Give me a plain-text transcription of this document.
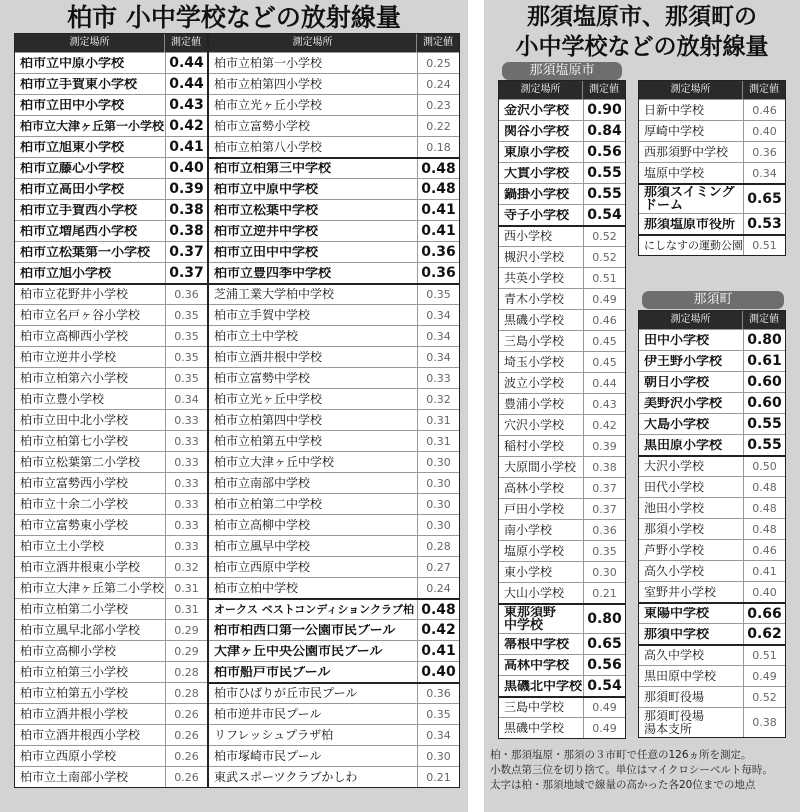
柏市 小中学校などの放射線量
測定場所	測定値
柏市立中原小学校	0.44
柏市立手賀東小学校	0.44
柏市立田中小学校	0.43
柏市立大津ヶ丘第一小学校 0.42
柏市立旭東小学校	0.41
柏市立藤心小学校	0.40
柏市立高田小学校	0.39
柏市立手賀西小学校	0.38
柏市立増尾西小学校	0.38
柏市立松葉第一小学校	0.37
柏市立旭小学校	0.37
柏市立花野井小学校	0.36
柏市立名戸ヶ谷小学校	0.35
柏市立高柳西小学校	0.35
柏市立逆井小学校	0.35
柏市立柏第六小学校	0.35
柏市立豊小学校	0.34
柏市立田中北小学校	0.33
柏市立柏第七小学校	0.33
柏市立松葉第二小学校	0.33
柏市立富勢西小学校	0.33
柏市立十余二小学校	0.33
柏市立富勢東小学校	0.33
柏市立土小学校	0.33
柏市立酒井根東小学校	0.32
柏市立大津ヶ丘第二小学校 0.31
柏市立柏第二小学校	0.31
柏市立風早北部小学校	0.29
柏市立高柳小学校	0.29
柏市立柏第三小学校	0.28
柏市立柏第五小学校	0.28
柏市立酒井根小学校	0.26
柏市立酒井根西小学校	0.26
柏市立西原小学校	0.26
柏市立土南部小学校	0.26
測定場所	測定値
柏市立柏第一小学校	0.25
柏市立柏第四小学校	0.24
柏市立光ヶ丘小学校	0.23
柏市立富勢小学校	0.22
柏市立柏第八小学校	0.18
柏市立柏第三中学校	0.48
柏市立中原中学校	0.48
柏市立松葉中学校	0.41
柏市立逆井中学校	0.41
柏市立田中中学校	0.36
柏市立豊四季中学校	0.36
芝浦工業大学柏中学校	0.35
柏市立手賀中学校	0.34
柏市立土中学校	0.34
柏市立酒井根中学校	0.34
柏市立富勢中学校	0.33
柏市立光ヶ丘中学校	0.32
柏市立柏第四中学校	0.31
柏市立柏第五中学校	0.31
柏市立大津ヶ丘中学校	0.30
柏市立南部中学校	0.30
柏市立柏第二中学校	0.30
柏市立高柳中学校	0.30
柏市立風早中学校	0.28
柏市立西原中学校	0.27
柏市立柏中学校	0.24
オークス ベストコンディションクラブ柏 0.48
柏市柏西口第一公園市民プール	0.42
大津ヶ丘中央公園市民プール	0.41
柏市船戸市民プール	0.40
柏市ひばりが丘市民プール	0.36
柏市逆井市民プール	0.35
リフレッシュプラザ柏	0.34
柏市塚崎市民プール	0.30
東武スポーツクラブかしわ	0.21
那須塩原市、那須町の
小中学校などの放射線量
那須塩原市
測定場所	測定値
金沢小学校	0.90
関谷小学校	0.84
東原小学校	0.56
大貫小学校	0.55
鍋掛小学校	0.55
寺子小学校	0.54
西小学校	0.52
槻沢小学校	0.52
共英小学校	0.51
青木小学校	0.49
黒磯小学校	0.46
三島小学校	0.45
埼玉小学校	0.45
波立小学校	0.44
豊浦小学校	0.43
穴沢小学校	0.42
稲村小学校	0.39
大原間小学校	0.38
高林小学校	0.37
戸田小学校	0.37
南小学校	0.36
塩原小学校	0.35
東小学校	0.30
大山小学校	0.21
東那須野
中学校	0.80
箒根中学校	0.65
高林中学校	0.56
黒磯北中学校 0.54
三島中学校	0.49
黒磯中学校	0.49
測定場所	測定値
日新中学校	0.46
厚崎中学校	0.40
西那須野中学校	0.36
塩原中学校	0.34
那須スイミング
ドーム	0.65
那須塩原市役所 0.53
にしなすの運動公園 0.51
那須町
測定場所	測定値
田中小学校	0.80
伊王野小学校	0.61
朝日小学校	0.60
美野沢小学校	0.60
大島小学校	0.55
黒田原小学校	0.55
大沢小学校	0.50
田代小学校	0.48
池田小学校	0.48
那須小学校	0.48
芦野小学校	0.46
高久小学校	0.41
室野井小学校	0.40
東陽中学校	0.66
那須中学校	0.62
高久中学校	0.51
黒田原中学校	0.49
那須町役場	0.52
那須町役場
湯本支所	0.38
柏・那須塩原・那須の３市町で任意の126ヵ所を測定。
小数点第三位を切り捨て。単位はマイクロシーベルト毎時。
太字は柏・那須地域で線量の高かった各20位までの地点
